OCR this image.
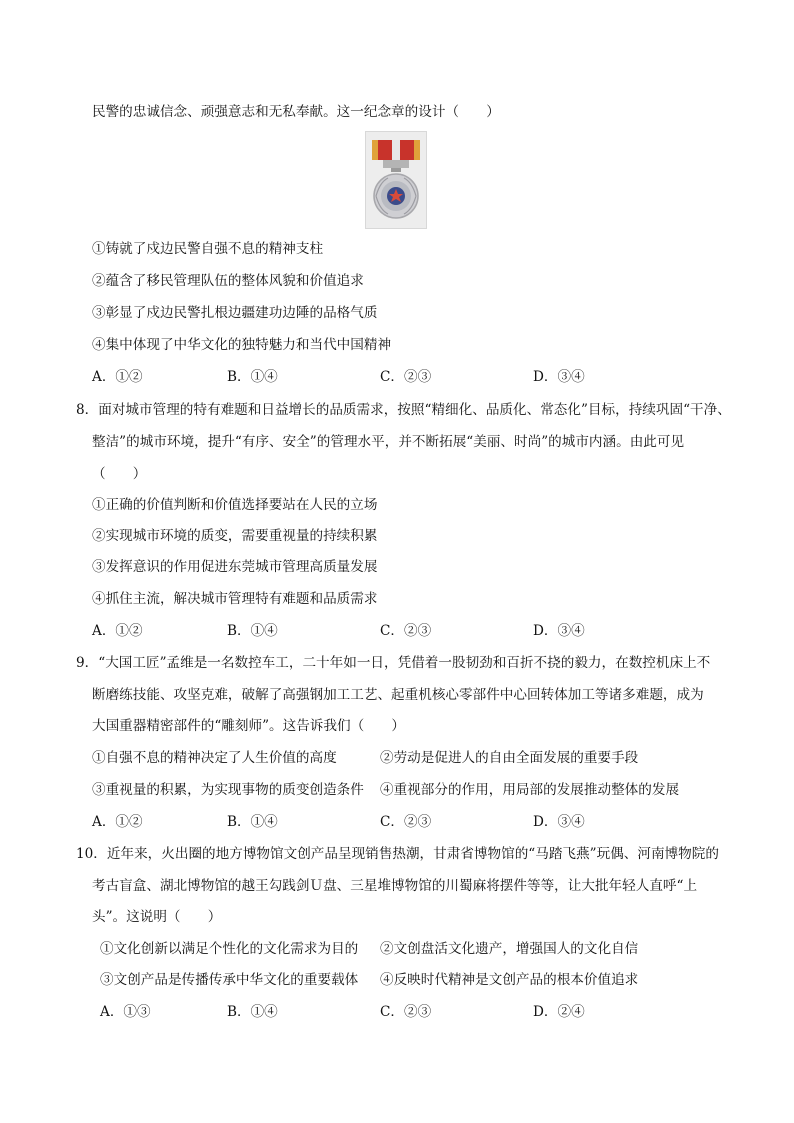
民警的忠诚信念、顽强意志和无私奉献。这一纪念章的设计（　　）
①铸就了戍边民警自强不息的精神支柱
②蕴含了移民管理队伍的整体风貌和价值追求
③彰显了戍边民警扎根边疆建功边陲的品格气质
④集中体现了中华文化的独特魅力和当代中国精神
A．①②	B．①④	C．②③	D．③④
8．面对城市管理的特有难题和日益增长的品质需求，按照“精细化、品质化、常态化”目标，持续巩固“干净、
整洁”的城市环境，提升“有序、安全”的管理水平，并不断拓展“美丽、时尚”的城市内涵。由此可见
（　　）
①正确的价值判断和价值选择要站在人民的立场
②实现城市环境的质变，需要重视量的持续积累
③发挥意识的作用促进东莞城市管理高质量发展
④抓住主流，解决城市管理特有难题和品质需求
A．①②	B．①④	C．②③	D．③④
9．“大国工匠”孟维是一名数控车工，二十年如一日，凭借着一股韧劲和百折不挠的毅力，在数控机床上不
断磨练技能、攻坚克难，破解了高强钢加工工艺、起重机核心零部件中心回转体加工等诸多难题，成为
大国重器精密部件的“雕刻师”。这告诉我们（　　）
①自强不息的精神决定了人生价值的高度	②劳动是促进人的自由全面发展的重要手段
③重视量的积累，为实现事物的质变创造条件 ④重视部分的作用，用局部的发展推动整体的发展
A．①②	B．①④	C．②③	D．③④
10．近年来，火出圈的地方博物馆文创产品呈现销售热潮，甘肃省博物馆的“马踏飞燕”玩偶、河南博物院的
考古盲盒、湖北博物馆的越王勾践剑Ｕ盘、三星堆博物馆的川蜀麻将摆件等等，让大批年轻人直呼“上
头”。这说明（　　）
①文化创新以满足个性化的文化需求为目的 ②文创盘活文化遗产，增强国人的文化自信
③文创产品是传播传承中华文化的重要载体 ④反映时代精神是文创产品的根本价值追求
A．①③	B．①④	C．②③	D．②④
